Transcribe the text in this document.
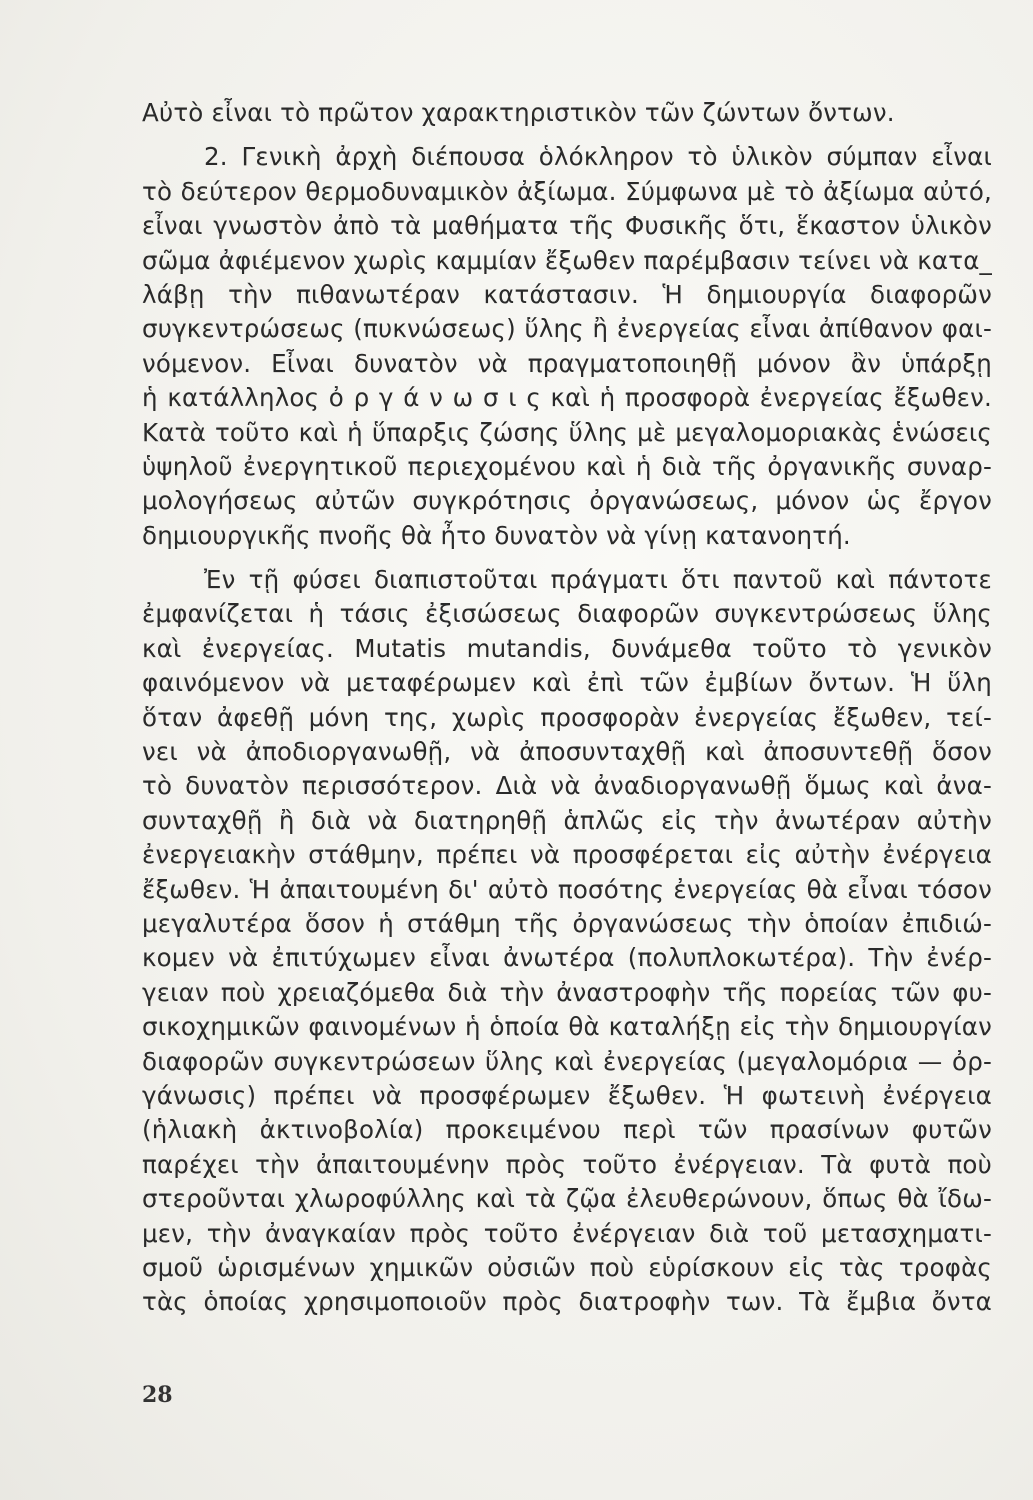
Αὐτὸ εἶναι τὸ πρῶτον χαρακτηριστικὸν τῶν ζώντων ὄντων.
2. Γενικὴ ἀρχὴ διέπουσα ὁλόκληρον τὸ ὑλικὸν σύμπαν εἶναι
τὸ δεύτερον θερμοδυναμικὸν ἀξίωμα. Σύμφωνα μὲ τὸ ἀξίωμα αὐτό,
εἶναι γνωστὸν ἀπὸ τὰ μαθήματα τῆς Φυσικῆς ὅτι, ἕκαστον ὑλικὸν
σῶμα ἀφιέμενον χωρὶς καμμίαν ἔξωθεν παρέμβασιν τείνει νὰ κατα_
λάβῃ τὴν πιθανωτέραν κατάστασιν. Ἡ δημιουργία διαφορῶν
συγκεντρώσεως (πυκνώσεως) ὕλης ἢ ἐνεργείας εἶναι ἀπίθανον φαι-
νόμενον. Εἶναι δυνατὸν νὰ πραγματοποιηθῇ μόνον ἂν ὑπάρξῃ
ἡ κατάλληλος ὀ ρ γ ά ν ω σ ι ς καὶ ἡ προσφορὰ ἐνεργείας ἔξωθεν.
Κατὰ τοῦτο καὶ ἡ ὕπαρξις ζώσης ὕλης μὲ μεγαλομοριακὰς ἑνώσεις
ὑψηλοῦ ἐνεργητικοῦ περιεχομένου καὶ ἡ διὰ τῆς ὀργανικῆς συναρ-
μολογήσεως αὐτῶν συγκρότησις ὀργανώσεως, μόνον ὡς ἔργον
δημιουργικῆς πνοῆς θὰ ἦτο δυνατὸν νὰ γίνῃ κατανοητή.
Ἐν τῇ φύσει διαπιστοῦται πράγματι ὅτι παντοῦ καὶ πάντοτε
ἐμφανίζεται ἡ τάσις ἐξισώσεως διαφορῶν συγκεντρώσεως ὕλης
καὶ ἐνεργείας. Mutatis mutandis, δυνάμεθα τοῦτο τὸ γενικὸν
φαινόμενον νὰ μεταφέρωμεν καὶ ἐπὶ τῶν ἐμβίων ὄντων. Ἡ ὕλη
ὅταν ἀφεθῇ μόνη της, χωρὶς προσφορὰν ἐνεργείας ἔξωθεν, τεί-
νει νὰ ἀποδιοργανωθῇ, νὰ ἀποσυνταχθῇ καὶ ἀποσυντεθῇ ὅσον
τὸ δυνατὸν περισσότερον. Διὰ νὰ ἀναδιοργανωθῇ ὅμως καὶ ἀνα-
συνταχθῇ ἢ διὰ νὰ διατηρηθῇ ἁπλῶς εἰς τὴν ἀνωτέραν αὐτὴν
ἐνεργειακὴν στάθμην, πρέπει νὰ προσφέρεται εἰς αὐτὴν ἐνέργεια
ἔξωθεν. Ἡ ἀπαιτουμένη δι' αὐτὸ ποσότης ἐνεργείας θὰ εἶναι τόσον
μεγαλυτέρα ὅσον ἡ στάθμη τῆς ὀργανώσεως τὴν ὁποίαν ἐπιδιώ-
κομεν νὰ ἐπιτύχωμεν εἶναι ἀνωτέρα (πολυπλοκωτέρα). Τὴν ἐνέρ-
γειαν ποὺ χρειαζόμεθα διὰ τὴν ἀναστροφὴν τῆς πορείας τῶν φυ-
σικοχημικῶν φαινομένων ἡ ὁποία θὰ καταλήξῃ εἰς τὴν δημιουργίαν
διαφορῶν συγκεντρώσεων ὕλης καὶ ἐνεργείας (μεγαλομόρια — ὀρ-
γάνωσις) πρέπει νὰ προσφέρωμεν ἔξωθεν. Ἡ φωτεινὴ ἐνέργεια
(ἡλιακὴ ἀκτινοβολία) προκειμένου περὶ τῶν πρασίνων φυτῶν
παρέχει τὴν ἀπαιτουμένην πρὸς τοῦτο ἐνέργειαν. Τὰ φυτὰ ποὺ
στεροῦνται χλωροφύλλης καὶ τὰ ζῷα ἐλευθερώνουν, ὅπως θὰ ἴδω-
μεν, τὴν ἀναγκαίαν πρὸς τοῦτο ἐνέργειαν διὰ τοῦ μετασχηματι-
σμοῦ ὡρισμένων χημικῶν οὐσιῶν ποὺ εὑρίσκουν εἰς τὰς τροφὰς
τὰς ὁποίας χρησιμοποιοῦν πρὸς διατροφὴν των. Τὰ ἔμβια ὄντα
28
